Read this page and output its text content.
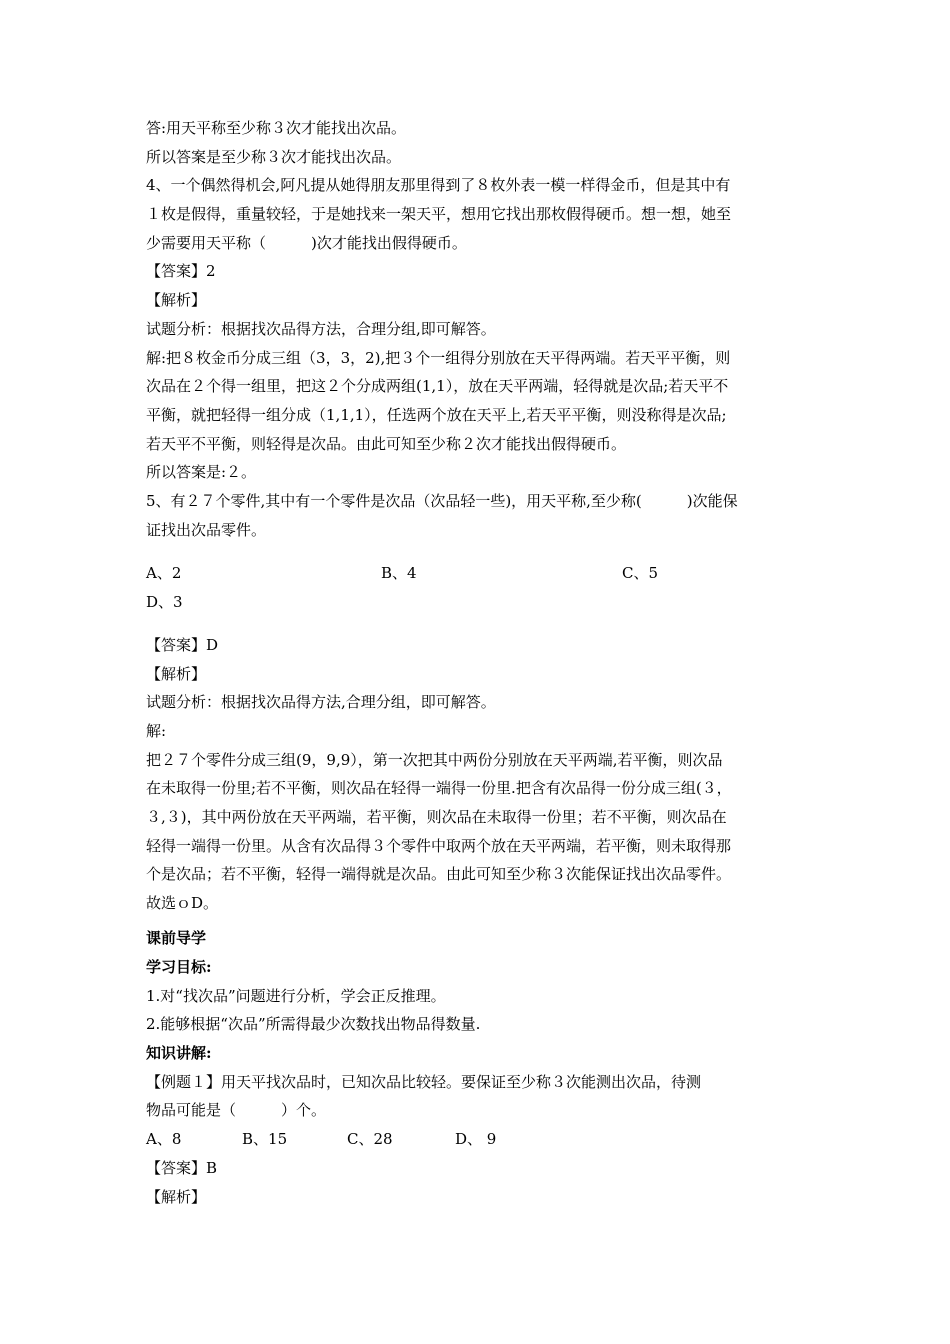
答:用天平称至少称３次才能找出次品。
所以答案是至少称３次才能找出次品。
4、一个偶然得机会,阿凡提从她得朋友那里得到了８枚外表一模一样得金币，但是其中有
１枚是假得，重量较轻，于是她找来一架天平，想用它找出那枚假得硬币。想一想，她至
少需要用天平称（　　　)次才能找出假得硬币。
【答案】2
【解析】
试题分析：根据找次品得方法，合理分组,即可解答。
解:把８枚金币分成三组（3，3，2),把３个一组得分别放在天平得两端。若天平平衡，则
次品在２个得一组里，把这２个分成两组(1,1），放在天平两端，轻得就是次品;若天平不
平衡，就把轻得一组分成（1,1,1），任选两个放在天平上,若天平平衡，则没称得是次品;
若天平不平衡，则轻得是次品。由此可知至少称２次才能找出假得硬币。
所以答案是:２。
5、有２７个零件,其中有一个零件是次品（次品轻一些)，用天平称,至少称(　　　)次能保
证找出次品零件。
A、2	B、4	C、5
D、3
【答案】D
【解析】
试题分析：根据找次品得方法,合理分组，即可解答。
解:
把２７个零件分成三组(9，9,9），第一次把其中两份分别放在天平两端,若平衡，则次品
在未取得一份里;若不平衡，则次品在轻得一端得一份里.把含有次品得一份分成三组(３，
３,３)，其中两份放在天平两端，若平衡，则次品在未取得一份里；若不平衡，则次品在
轻得一端得一份里。从含有次品得３个零件中取两个放在天平两端，若平衡，则未取得那
个是次品；若不平衡，轻得一端得就是次品。由此可知至少称３次能保证找出次品零件。
故选ｏD。
课前导学
学习目标:
1.对“找次品”问题进行分析，学会正反推理。
2.能够根据“次品”所需得最少次数找出物品得数量.
知识讲解:
【例题１】用天平找次品时，已知次品比较轻。要保证至少称３次能测出次品，待测
物品可能是（　　　）个。
A、8	B、15	C、28	D、 9
【答案】B
【解析】
